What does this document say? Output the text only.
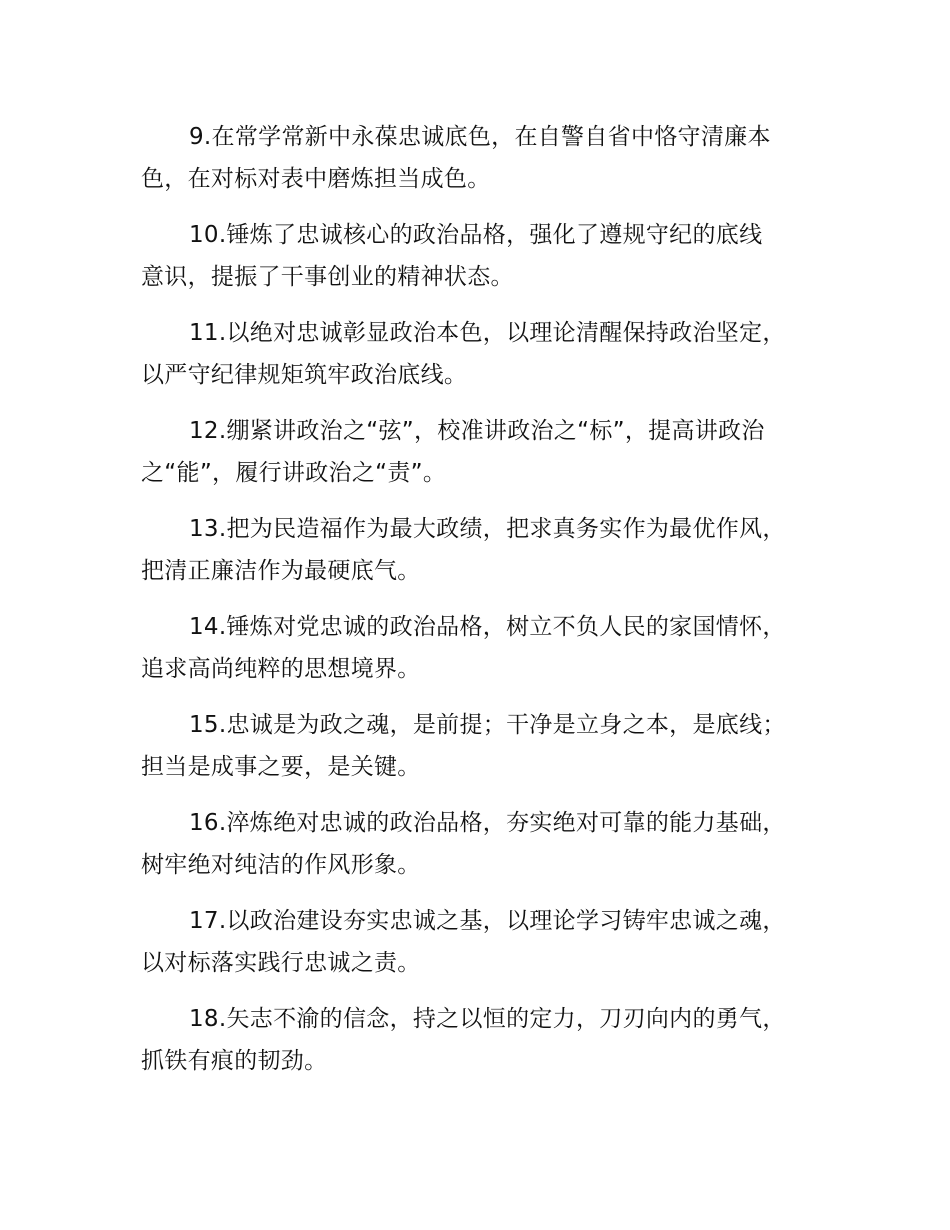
9.在常学常新中永葆忠诚底色，在自警自省中恪守清廉本
色，在对标对表中磨炼担当成色。

10.锤炼了忠诚核心的政治品格，强化了遵规守纪的底线
意识，提振了干事创业的精神状态。

11.以绝对忠诚彰显政治本色，以理论清醒保持政治坚定，
以严守纪律规矩筑牢政治底线。

12.绷紧讲政治之“弦”，校准讲政治之“标”，提高讲政治
之“能”，履行讲政治之“责”。

13.把为民造福作为最大政绩，把求真务实作为最优作风，
把清正廉洁作为最硬底气。

14.锤炼对党忠诚的政治品格，树立不负人民的家国情怀，
追求高尚纯粹的思想境界。

15.忠诚是为政之魂，是前提；干净是立身之本，是底线；
担当是成事之要，是关键。

16.淬炼绝对忠诚的政治品格，夯实绝对可靠的能力基础，
树牢绝对纯洁的作风形象。

17.以政治建设夯实忠诚之基，以理论学习铸牢忠诚之魂，
以对标落实践行忠诚之责。

18.矢志不渝的信念，持之以恒的定力，刀刃向内的勇气，
抓铁有痕的韧劲。
